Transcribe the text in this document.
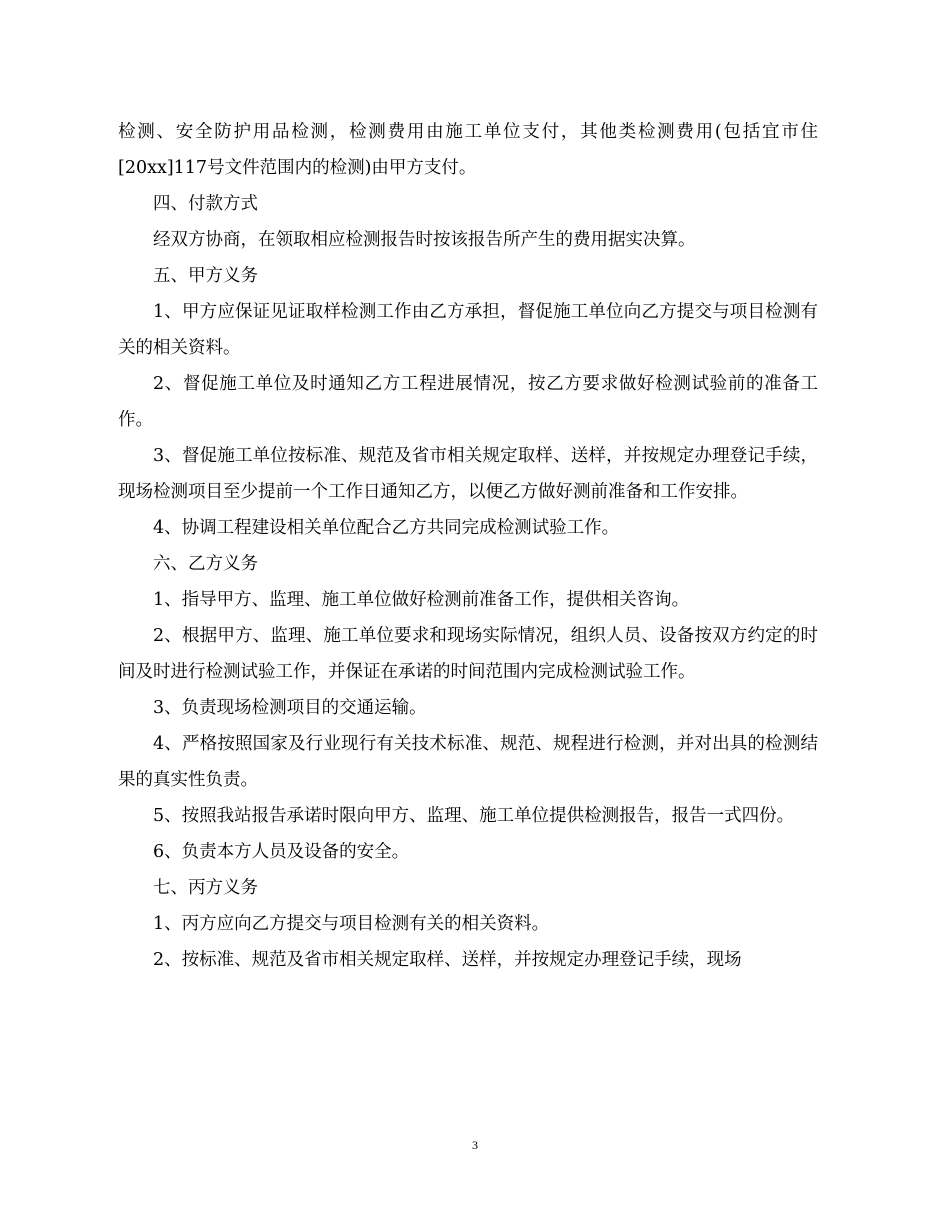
检测、安全防护用品检测，检测费用由施工单位支付，其他类检测费用(包括宜市住[20xx]117号文件范围内的检测)由甲方支付。

四、付款方式

经双方协商，在领取相应检测报告时按该报告所产生的费用据实决算。

五、甲方义务

1、甲方应保证见证取样检测工作由乙方承担，督促施工单位向乙方提交与项目检测有关的相关资料。

2、督促施工单位及时通知乙方工程进展情况，按乙方要求做好检测试验前的准备工作。

3、督促施工单位按标准、规范及省市相关规定取样、送样，并按规定办理登记手续，现场检测项目至少提前一个工作日通知乙方，以便乙方做好测前准备和工作安排。

4、协调工程建设相关单位配合乙方共同完成检测试验工作。

六、乙方义务

1、指导甲方、监理、施工单位做好检测前准备工作，提供相关咨询。

2、根据甲方、监理、施工单位要求和现场实际情况，组织人员、设备按双方约定的时间及时进行检测试验工作，并保证在承诺的时间范围内完成检测试验工作。

3、负责现场检测项目的交通运输。

4、严格按照国家及行业现行有关技术标准、规范、规程进行检测，并对出具的检测结果的真实性负责。

5、按照我站报告承诺时限向甲方、监理、施工单位提供检测报告，报告一式四份。

6、负责本方人员及设备的安全。

七、丙方义务

1、丙方应向乙方提交与项目检测有关的相关资料。

2、按标准、规范及省市相关规定取样、送样，并按规定办理登记手续，现场

3
